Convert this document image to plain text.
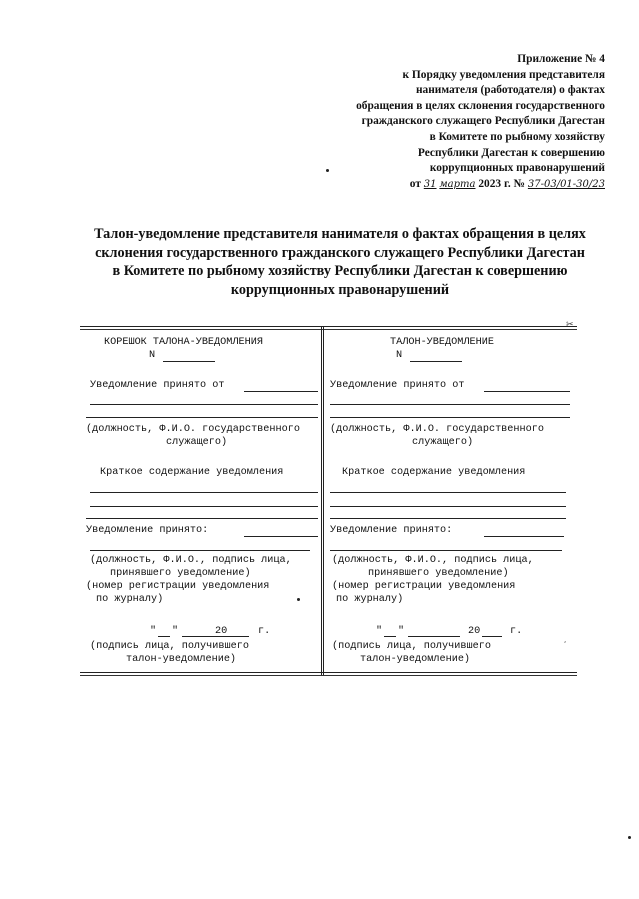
Приложение № 4
к Порядку уведомления представителя
нанимателя (работодателя) о фактах
обращения в целях склонения государственного
гражданского служащего Республики Дагестан
в Комитете по рыбному хозяйству
Республики Дагестан к совершению
коррупционных правонарушений
от 31 марта 2023 г. № 37-03/01-30/23
Талон-уведомление представителя нанимателя о фактах обращения в целях
склонения государственного гражданского служащего Республики Дагестан
в Комитете по рыбному хозяйству Республики Дагестан к совершению
коррупционных правонарушений
✂
КОРЕШОК ТАЛОНА-УВЕДОМЛЕНИЯ
N
Уведомление принято от
(должность, Ф.И.О. государственного
служащего)
Краткое содержание уведомления
Уведомление принято:
(должность, Ф.И.О., подпись лица,
принявшего уведомление)
(номер регистрации уведомления
по журналу)
" "	20	г.
(подпись лица, получившего
талон-уведомление)
ТАЛОН-УВЕДОМЛЕНИЕ
N
Уведомление принято от
(должность, Ф.И.О. государственного
служащего)
Краткое содержание уведомления
Уведомление принято:
(должность, Ф.И.О., подпись лица,
принявшего уведомление)
(номер регистрации уведомления
по журналу)
" "	20	г.
,
(подпись лица, получившего
талон-уведомление)
